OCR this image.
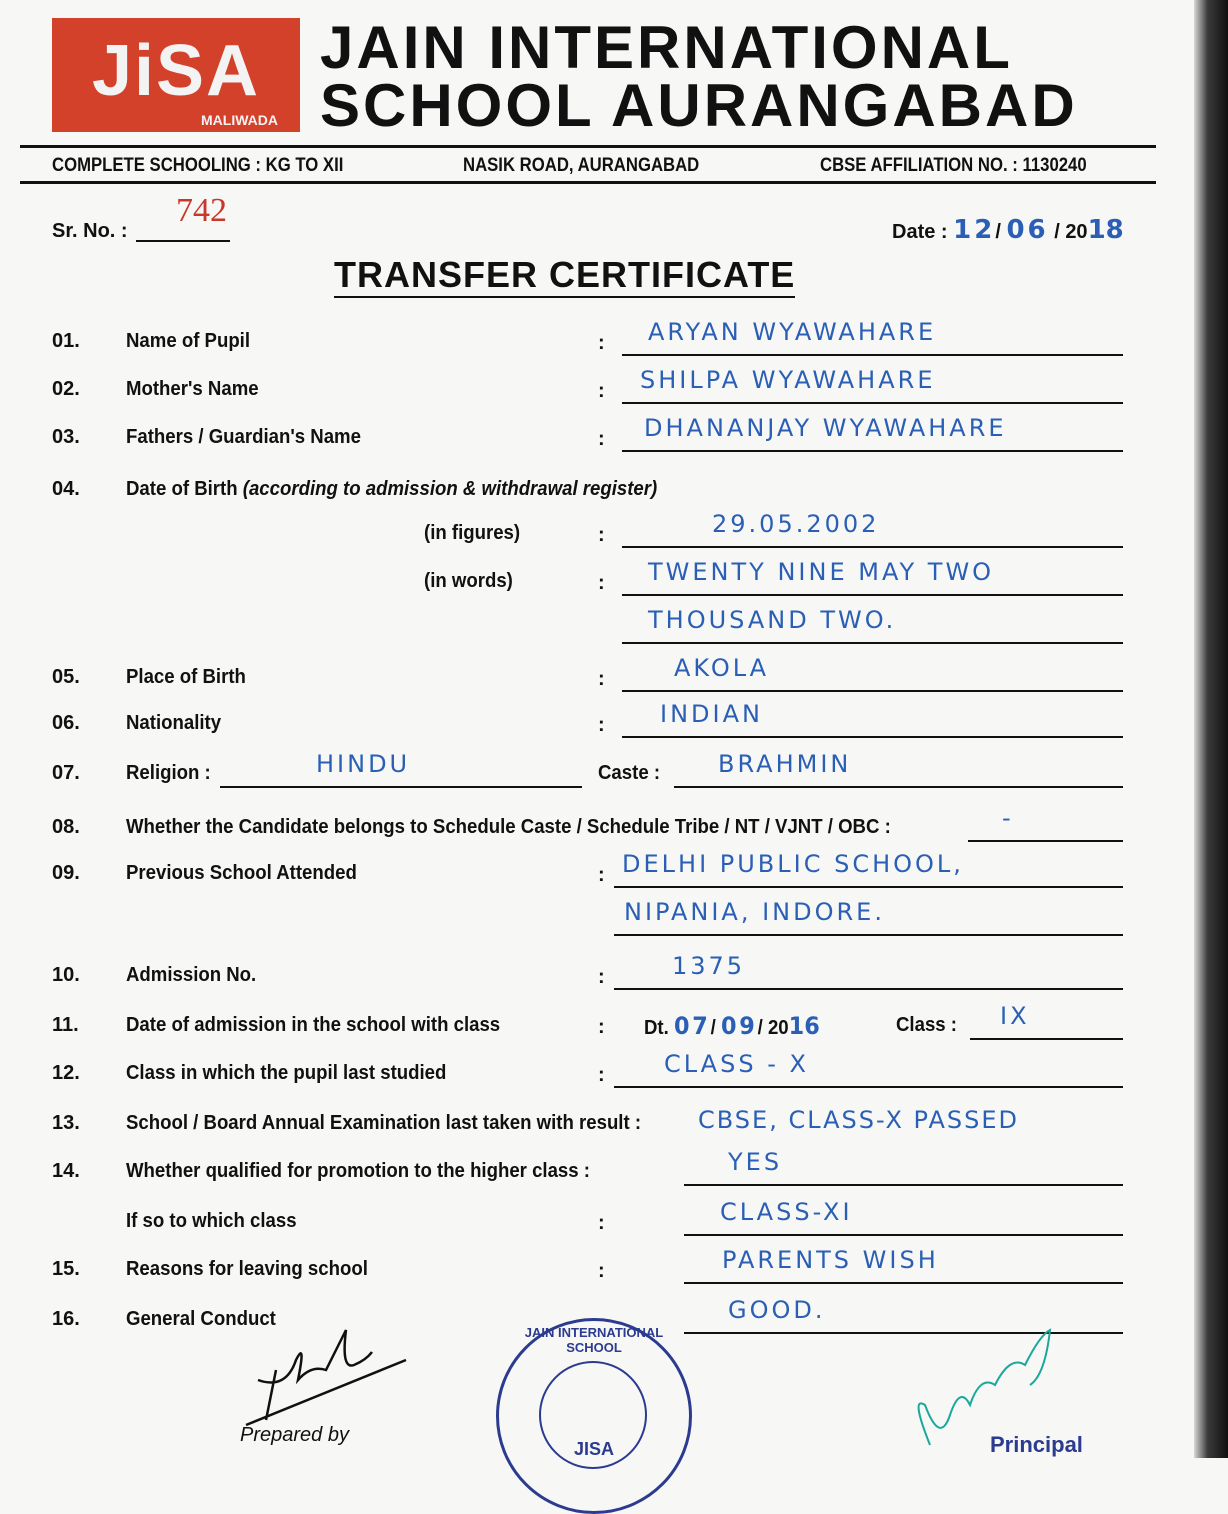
JiSA
MALIWADA
JAIN INTERNATIONAL
SCHOOL AURANGABAD
COMPLETE SCHOOLING : KG TO XII	NASIK ROAD, AURANGABAD	CBSE AFFILIATION NO. : 1130240
Sr. No. :
742
Date : 12/ 06 / 2018
TRANSFER CERTIFICATE
01. Name of Pupil	: ARYAN WYAWAHARE
02. Mother's Name	: SHILPA WYAWAHARE
03. Fathers / Guardian's Name	: DHANANJAY WYAWAHARE
04. Date of Birth (according to admission & withdrawal register)
(in figures)	:	29.05.2002
(in words)	: TWENTY NINE MAY TWO
THOUSAND TWO.
05. Place of Birth	:	AKOLA
06. Nationality	: INDIAN
07. Religion :	HINDU	Caste : BRAHMIN
08. Whether the Candidate belongs to Schedule Caste / Schedule Tribe / NT / VJNT / OBC :	-
09. Previous School Attended	: DELHI PUBLIC SCHOOL,
NIPANIA, INDORE.
10. Admission No.	:	1375
11. Date of admission in the school with class	: Dt. 07/ 09/ 2016	Class : IX
12. Class in which the pupil last studied	: CLASS - X
13. School / Board Annual Examination last taken with result : CBSE, CLASS-X PASSED
14. Whether qualified for promotion to the higher class :	YES
If so to which class	:	CLASS-XI
15. Reasons for leaving school	:	PARENTS WISH
16. General Conduct	GOOD.
Prepared by
JAIN INTERNATIONAL SCHOOL
JISA	Principal
